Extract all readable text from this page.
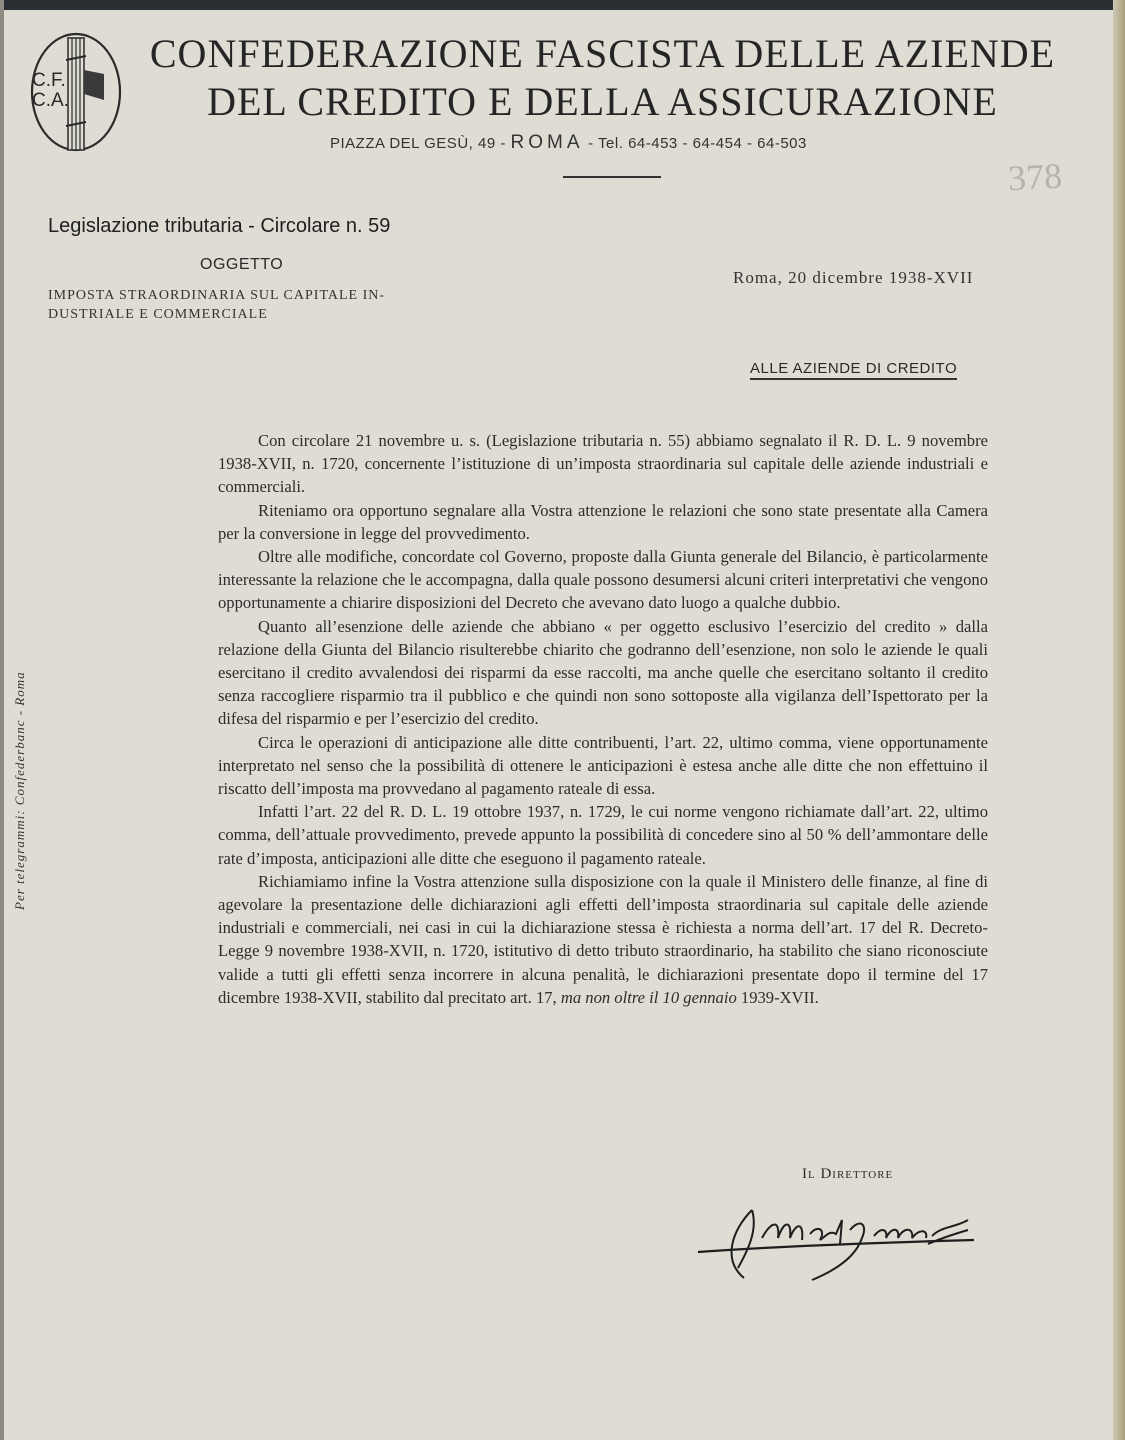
C.F.
C.A.
CONFEDERAZIONE FASCISTA DELLE AZIENDE
DEL CREDITO E DELLA ASSICURAZIONE
PIAZZA DEL GESÙ, 49 - ROMA - Tel. 64-453 - 64-454 - 64-503
378
Legislazione tributaria - Circolare n. 59
OGGETTO
IMPOSTA STRAORDINARIA SUL CAPITALE IN-DUSTRIALE E COMMERCIALE
Roma, 20 dicembre 1938-XVII
ALLE AZIENDE DI CREDITO

Con circolare 21 novembre u. s. (Legislazione tributaria n. 55) abbiamo segnalato il R. D. L. 9 novembre 1938-XVII, n. 1720, concernente l’istituzione di un’imposta straordinaria sul capitale delle aziende industriali e commerciali.

Riteniamo ora opportuno segnalare alla Vostra attenzione le relazioni che sono state presentate alla Camera per la conversione in legge del provvedimento.

Oltre alle modifiche, concordate col Governo, proposte dalla Giunta generale del Bilancio, è particolarmente interessante la relazione che le accompagna, dalla quale possono desumersi alcuni criteri interpretativi che vengono opportunamente a chiarire disposizioni del Decreto che avevano dato luogo a qualche dubbio.

Quanto all’esenzione delle aziende che abbiano « per oggetto esclusivo l’esercizio del credito » dalla relazione della Giunta del Bilancio risulterebbe chiarito che godranno dell’esenzione, non solo le aziende le quali esercitano il credito avvalendosi dei risparmi da esse raccolti, ma anche quelle che esercitano soltanto il credito senza raccogliere risparmio tra il pubblico e che quindi non sono sottoposte alla vigilanza dell’Ispettorato per la difesa del risparmio e per l’esercizio del credito.

Circa le operazioni di anticipazione alle ditte contribuenti, l’art. 22, ultimo comma, viene opportunamente interpretato nel senso che la possibilità di ottenere le anticipazioni è estesa anche alle ditte che non effettuino il riscatto dell’imposta ma provvedano al pagamento rateale di essa.

Infatti l’art. 22 del R. D. L. 19 ottobre 1937, n. 1729, le cui norme vengono richiamate dall’art. 22, ultimo comma, dell’attuale provvedimento, prevede appunto la possibilità di concedere sino al 50 % dell’ammontare delle rate d’imposta, anticipazioni alle ditte che eseguono il pagamento rateale.

Richiamiamo infine la Vostra attenzione sulla disposizione con la quale il Ministero delle finanze, al fine di agevolare la presentazione delle dichiarazioni agli effetti dell’imposta straordinaria sul capitale delle aziende industriali e commerciali, nei casi in cui la dichiarazione stessa è richiesta a norma dell’art. 17 del R. Decreto-Legge 9 novembre 1938-XVII, n. 1720, istitutivo di detto tributo straordinario, ha stabilito che siano riconosciute valide a tutti gli effetti senza incorrere in alcuna penalità, le dichiarazioni presentate dopo il termine del 17 dicembre 1938-XVII, stabilito dal precitato art. 17, ma non oltre il 10 gennaio 1939-XVII.

Il Direttore
Per telegrammi: Confederbanc - Roma
